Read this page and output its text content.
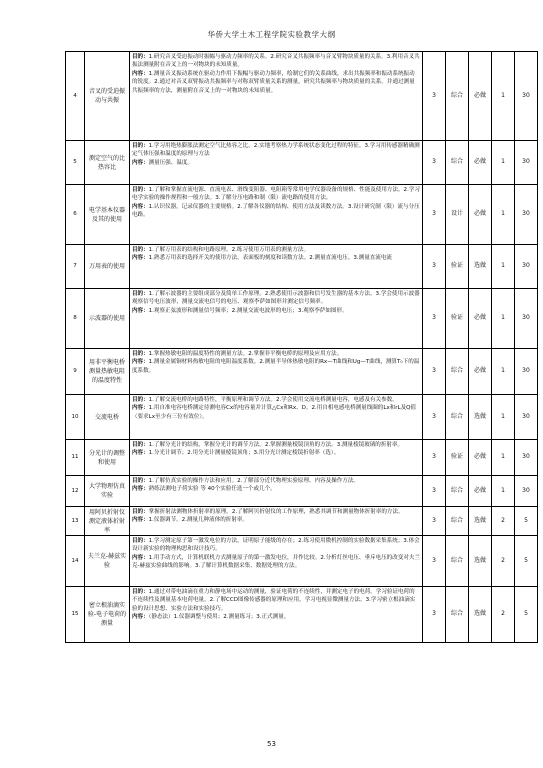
华侨大学土木工程学院实验教学大纲
4	音叉的受迫振动与共振	目的：1.研究音叉受迫振动时振幅与驱动力频率的关系。2.研究音叉共振频率与音叉臂物块质量的关系。3.利用音叉共振法测量附在音叉上的一对物块的未知质量。
内容：1.测量音叉振动系统在驱动力作用下振幅与驱动力频率，绘制它们的关系曲线，求出共振频率和振动系统振动的锐度。2.通过对音叉双臂振动共振频率与对称双臂质量关系的测量，研究共振频率与物块质量的关系。并通过测量共振频率的方法，测量附在音叉上的一对物块的未知质量。	3	综合	必做	1	30
5	测定空气的比热容比	目的：1.学习用绝热膨胀法测定空气比热容之比。2.实地考察热力学系统状态变化过程的特征。3.学习用传感器精确测定气体压强和温度的原理与方法
内容：测量压强、温度。	3	综合	必做	1	30
6	电学基本仪器及其的使用	目的：1.了解和掌握直流电源、直流电表、滑线变阻器、电阻箱等常用电学仪器设备的规格、性能及使用方法。2.学习电学实验的操作规程和一般方法。3.了解分压电路和制（限）流电路的使用方法。
内容：1.认识仪器，记录仪器的主要规格。2.了解各仪器的结构、使用方法及读数方法。3.设计研究制（限）流与分压电路。	3	设计	必做	1	30
7	万用表的使用	目的：1.了解万用表的结构和电路原理。2.练习使用万用表的测量方法。
内容：1.熟悉万用表的选择开关的使用方法，表面板的刻度和读数方法。2.测量直流电压。3.测量直流电流	3	验证	选做	1	30
8	示波器的使用	目的：1.了解示波器的主要组成部分及简单工作原理。2.熟悉使用示波器和信号发生器的基本方法。3.学会使用示波器观察信号电压波形，测量交流电信号的电压、观察李萨如图形并测定信号频率。
内容：1.观察正弦波形和测量信号频率；2.测量交流电波形的电压；3.观察李萨如图形。	3	验证	必做	1	30
9	用非平衡电桥测量热敏电阻的温度特性	目的：1.掌握热敏电阻的温度特性的测量方法。2.掌握非平衡电桥的原理及应用方法。
内容：1.测量金属铜材料热敏电阻的电阻温度系数。2.测量半导体热敏电阻的Rx—T曲线和Ug—T曲线，测算T₀下的温度系数。	3	综合	必做	1	30
10	交流电桥	目的：1.了解交流电桥的电路特性，平衡原理和调节方法。2.学会使用交流电桥测量电容，电感及有关参数。
内容：1.用自准电容电桥测定待测电容Cx的电容量并计算△Cx和Rx、D。2.用自相电感电桥测量线圈的Lx和rL及Q值（要求Lx至少有三位有效位）。	3	综合	选做	1	30
11	分光计的调整和使用	目的：1.了解分光计的结构，掌握分光计的调节方法。2.掌握测量棱镜顶角的方法。3.测量棱镜玻璃的折射率。
内容：1.分光计调节；2.用分光计测量棱镜顶角；3.用分光计测定棱镜折射率（选）。	3	验证	必做	1	30
12	大学物理仿真实验	目的：1.了解仿真实验的操作方法和应用。2.了解部分近代物理实验原理、内容及操作方法。
内容：熟练法测电子荷实验 等 40个实验任选一个或几个。	3	综合	必做	1	30
13	用阿贝折射仪测定液体折射率	目的：掌握折射法测物体折射率的原理。2.了解阿贝折射仪的工作原理，熟悉其调节和测量物体折射率的方法。
内容：1.仪器调节。2.测量几种液体的折射率。	3	综合	选做	2	5
14	夫兰克-赫兹实验	目的：1.学习测定原子第一激发电位的方法，证明原子能级的存在；2.练习使用微机控制的实验数据采集系统；3.体会设计新实验的物理构思和设计技巧。
内容：1.用手动方式，计算机联机方式测量原子的第一激发电位，并作比较。2.分析灯丝电压、垂斥电压的改变对夫兰克-赫兹实验曲线的影响。3.了解计算机数据采集、数据处理的方法。	3	综合	选做	2	5
15	密立根油滴实验-电子电荷的测量	目的：1.通过对带电油滴在重力和静电场中运动的测量，验证电荷的不连续性，并测定电子的电荷。学习验证电荷的不连续性及测量基本电荷电量。2.了解CCD图像传感器的原理和应用，学习电视显微测量方法。3.学习密立根油滴实验的设计思想、实验方法和实验技巧。
内容：（静态法）1.仪器调整与使用；2.测量练习；3.正式测量。	3	综合	选做	2	5
53
